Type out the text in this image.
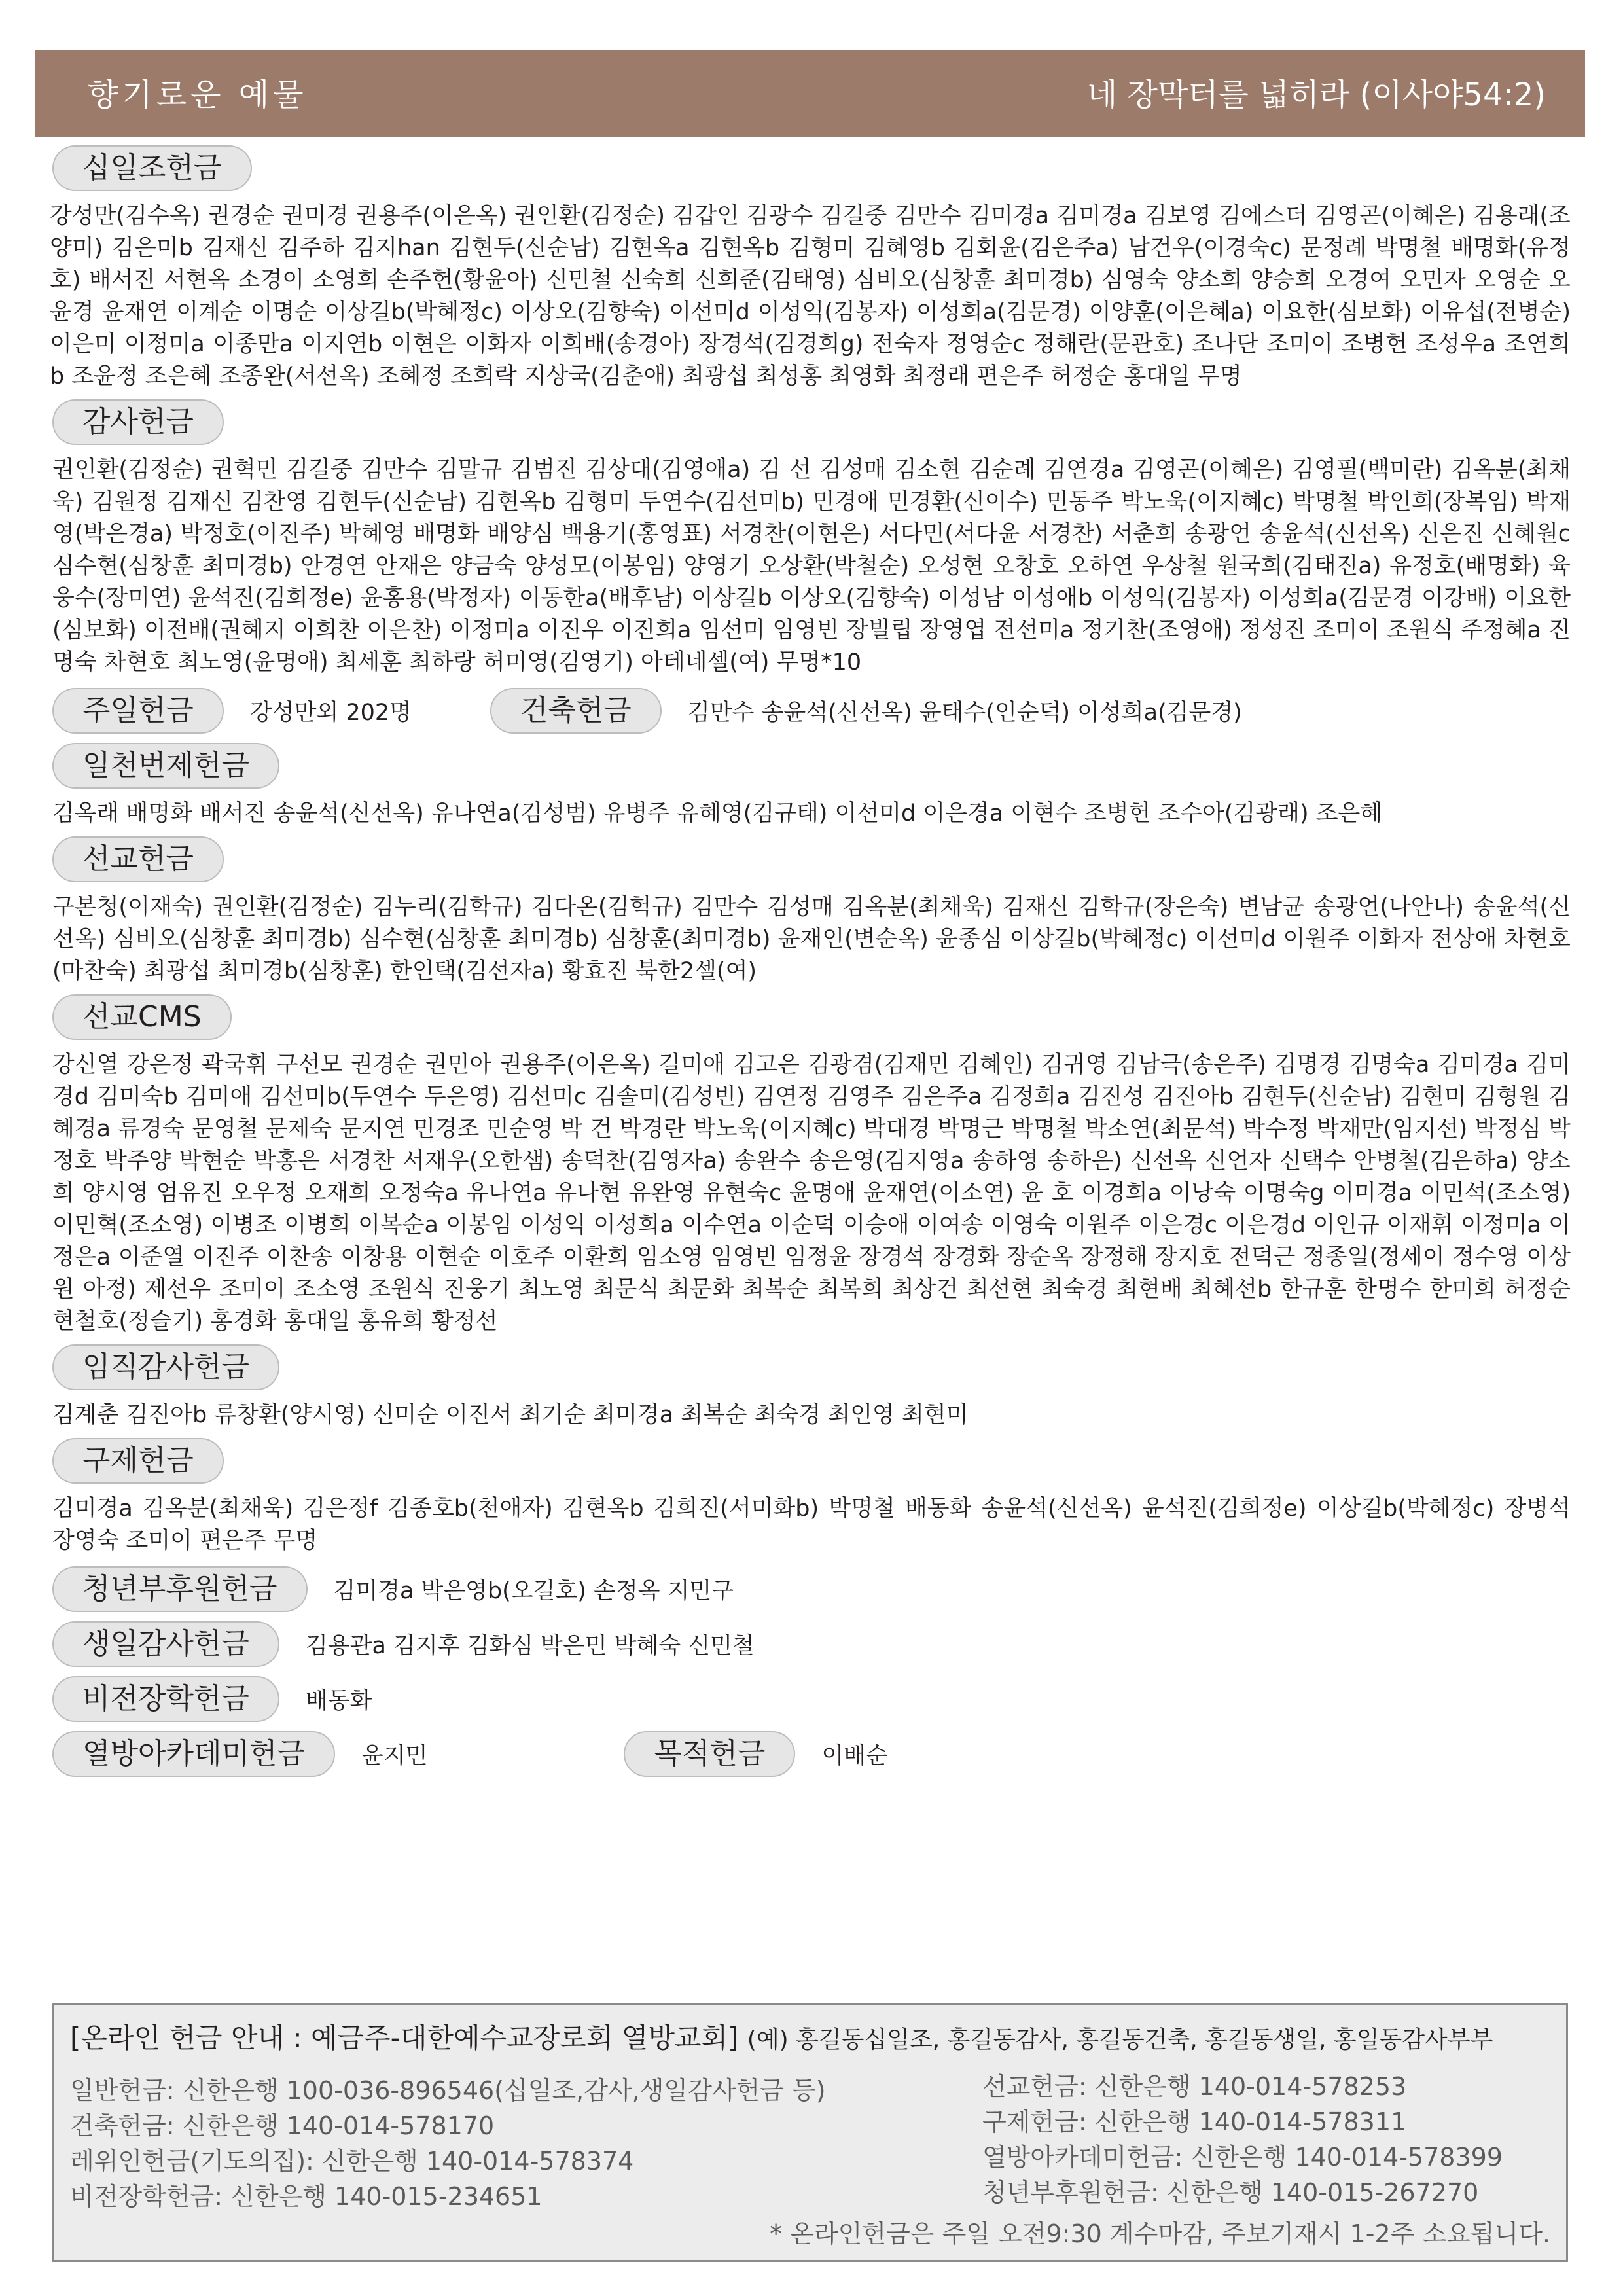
향기로운 예물	네 장막터를 넓히라 (이사야54:2)
십일조헌금
강성만(김수옥) 권경순 권미경 권용주(이은옥) 권인환(김정순) 김갑인 김광수 김길중 김만수 김미경a 김미경a 김보영 김에스더 김영곤(이혜은) 김용래(조양미) 김은미b 김재신 김주하 김지han 김현두(신순남) 김현옥a 김현옥b 김형미 김혜영b 김회윤(김은주a) 남건우(이경숙c) 문정례 박명철 배명화(유정호) 배서진 서현옥 소경이 소영희 손주헌(황윤아) 신민철 신숙희 신희준(김태영) 심비오(심창훈 최미경b) 심영숙 양소희 양승희 오경여 오민자 오영순 오윤경 윤재연 이계순 이명순 이상길b(박혜정c) 이상오(김향숙) 이선미d 이성익(김봉자) 이성희a(김문경) 이양훈(이은혜a) 이요한(심보화) 이유섭(전병순) 이은미 이정미a 이종만a 이지연b 이현은 이화자 이희배(송경아) 장경석(김경희g) 전숙자 정영순c 정해란(문관호) 조나단 조미이 조병헌 조성우a 조연희b 조윤정 조은혜 조종완(서선옥) 조혜정 조희락 지상국(김춘애) 최광섭 최성홍 최영화 최정래 편은주 허정순 홍대일 무명
감사헌금
권인환(김정순) 권혁민 김길중 김만수 김말규 김범진 김상대(김영애a) 김 선 김성매 김소현 김순례 김연경a 김영곤(이혜은) 김영필(백미란) 김옥분(최채욱) 김원정 김재신 김찬영 김현두(신순남) 김현옥b 김형미 두연수(김선미b) 민경애 민경환(신이수) 민동주 박노욱(이지혜c) 박명철 박인희(장복임) 박재영(박은경a) 박정호(이진주) 박혜영 배명화 배양심 백용기(홍영표) 서경찬(이현은) 서다민(서다윤 서경찬) 서춘희 송광언 송윤석(신선옥) 신은진 신혜원c 심수현(심창훈 최미경b) 안경연 안재은 양금숙 양성모(이봉임) 양영기 오상환(박철순) 오성현 오창호 오하연 우상철 원국희(김태진a) 유정호(배명화) 육웅수(장미연) 윤석진(김희정e) 윤홍용(박정자) 이동한a(배후남) 이상길b 이상오(김향숙) 이성남 이성애b 이성익(김봉자) 이성희a(김문경 이강배) 이요한(심보화) 이전배(권혜지 이희찬 이은찬) 이정미a 이진우 이진희a 임선미 임영빈 장빌립 장영엽 전선미a 정기찬(조영애) 정성진 조미이 조원식 주정혜a 진명숙 차현호 최노영(윤명애) 최세훈 최하랑 허미영(김영기) 아테네셀(여) 무명*10
주일헌금	강성만외 202명	건축헌금	김만수 송윤석(신선옥) 윤태수(인순덕) 이성희a(김문경)
일천번제헌금
김옥래 배명화 배서진 송윤석(신선옥) 유나연a(김성범) 유병주 유혜영(김규태) 이선미d 이은경a 이현수 조병헌 조수아(김광래) 조은혜
선교헌금
구본청(이재숙) 권인환(김정순) 김누리(김학규) 김다온(김헉규) 김만수 김성매 김옥분(최채욱) 김재신 김학규(장은숙) 변남균 송광언(나안나) 송윤석(신선옥) 심비오(심창훈 최미경b) 심수현(심창훈 최미경b) 심창훈(최미경b) 윤재인(변순옥) 윤종심 이상길b(박혜정c) 이선미d 이원주 이화자 전상애 차현호(마찬숙) 최광섭 최미경b(심창훈) 한인택(김선자a) 황효진 북한2셀(여)
선교CMS
강신열 강은정 곽국휘 구선모 권경순 권민아 권용주(이은옥) 길미애 김고은 김광겸(김재민 김혜인) 김귀영 김남극(송은주) 김명경 김명숙a 김미경a 김미경d 김미숙b 김미애 김선미b(두연수 두은영) 김선미c 김솔미(김성빈) 김연정 김영주 김은주a 김정희a 김진성 김진아b 김현두(신순남) 김현미 김형원 김혜경a 류경숙 문영철 문제숙 문지연 민경조 민순영 박 건 박경란 박노욱(이지혜c) 박대경 박명근 박명철 박소연(최문석) 박수정 박재만(임지선) 박정심 박정호 박주양 박현순 박홍은 서경찬 서재우(오한샘) 송덕찬(김영자a) 송완수 송은영(김지영a 송하영 송하은) 신선옥 신언자 신택수 안병철(김은하a) 양소희 양시영 엄유진 오우정 오재희 오정숙a 유나연a 유나현 유완영 유현숙c 윤명애 윤재연(이소연) 윤 호 이경희a 이낭숙 이명숙g 이미경a 이민석(조소영) 이민혁(조소영) 이병조 이병희 이복순a 이봉임 이성익 이성희a 이수연a 이순덕 이승애 이여송 이영숙 이원주 이은경c 이은경d 이인규 이재휘 이정미a 이정은a 이준열 이진주 이찬송 이창용 이현순 이호주 이환희 임소영 임영빈 임정윤 장경석 장경화 장순옥 장정해 장지호 전덕근 정종일(정세이 정수영 이상원 아정) 제선우 조미이 조소영 조원식 진웅기 최노영 최문식 최문화 최복순 최복희 최상건 최선현 최숙경 최현배 최혜선b 한규훈 한명수 한미희 허정순 현철호(정슬기) 홍경화 홍대일 홍유희 황정선
임직감사헌금
김계춘 김진아b 류창환(양시영) 신미순 이진서 최기순 최미경a 최복순 최숙경 최인영 최현미
구제헌금
김미경a 김옥분(최채욱) 김은정f 김종호b(천애자) 김현옥b 김희진(서미화b) 박명철 배동화 송윤석(신선옥) 윤석진(김희정e) 이상길b(박혜정c) 장병석 장영숙 조미이 편은주 무명
청년부후원헌금	김미경a 박은영b(오길호) 손정옥 지민구
생일감사헌금	김용관a 김지후 김화심 박은민 박혜숙 신민철
비전장학헌금	배동화
열방아카데미헌금	윤지민	목적헌금	이배순
[온라인 헌금 안내 : 예금주-대한예수교장로회 열방교회] (예) 홍길동십일조, 홍길동감사, 홍길동건축, 홍길동생일, 홍일동감사부부
일반헌금: 신한은행 100-036-896546(십일조,감사,생일감사헌금 등)
건축헌금: 신한은행 140-014-578170
레위인헌금(기도의집): 신한은행 140-014-578374
비전장학헌금: 신한은행 140-015-234651
선교헌금: 신한은행 140-014-578253
구제헌금: 신한은행 140-014-578311
열방아카데미헌금: 신한은행 140-014-578399
청년부후원헌금: 신한은행 140-015-267270
* 온라인헌금은 주일 오전9:30 계수마감, 주보기재시 1-2주 소요됩니다.
